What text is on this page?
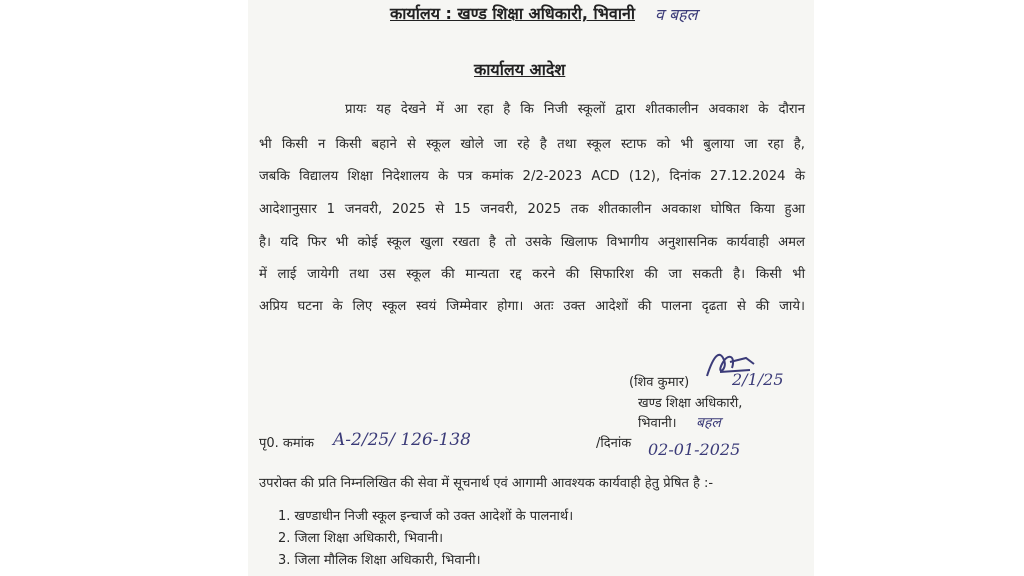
कार्यालय : खण्ड शिक्षा अधिकारी, भिवानी व बहल
कार्यालय आदेश
प्रायः यह देखने में आ रहा है कि निजी स्कूलों द्वारा शीतकालीन अवकाश के दौरान
भी किसी न किसी बहाने से स्कूल खोले जा रहे है तथा स्कूल स्टाफ को भी बुलाया जा रहा है,
जबकि विद्यालय शिक्षा निदेशालय के पत्र कमांक 2/2-2023 ACD (12), दिनांक 27.12.2024 के
आदेशानुसार 1 जनवरी, 2025 से 15 जनवरी, 2025 तक शीतकालीन अवकाश घोषित किया हुआ
है। यदि फिर भी कोई स्कूल खुला रखता है तो उसके खिलाफ विभागीय अनुशासनिक कार्यवाही अमल
में लाई जायेगी तथा उस स्कूल की मान्यता रद्द करने की सिफारिश की जा सकती है। किसी भी
अप्रिय घटना के लिए स्कूल स्वयं जिम्मेवार होगा। अतः उक्त आदेशों की पालना दृढता से की जाये।
(शिव कुमार)	2/1/25
खण्ड शिक्षा अधिकारी,
भिवानी। बहल
पृ0. कमांक A-2/25/ 126-138	/दिनांक 02-01-2025
उपरोक्त की प्रति निम्नलिखित की सेवा में सूचनार्थ एवं आगामी आवश्यक कार्यवाही हेतु प्रेषित है :-
1. खण्डाधीन निजी स्कूल इन्चार्ज को उक्त आदेशों के पालनार्थ।
2. जिला शिक्षा अधिकारी, भिवानी।
3. जिला मौलिक शिक्षा अधिकारी, भिवानी।
